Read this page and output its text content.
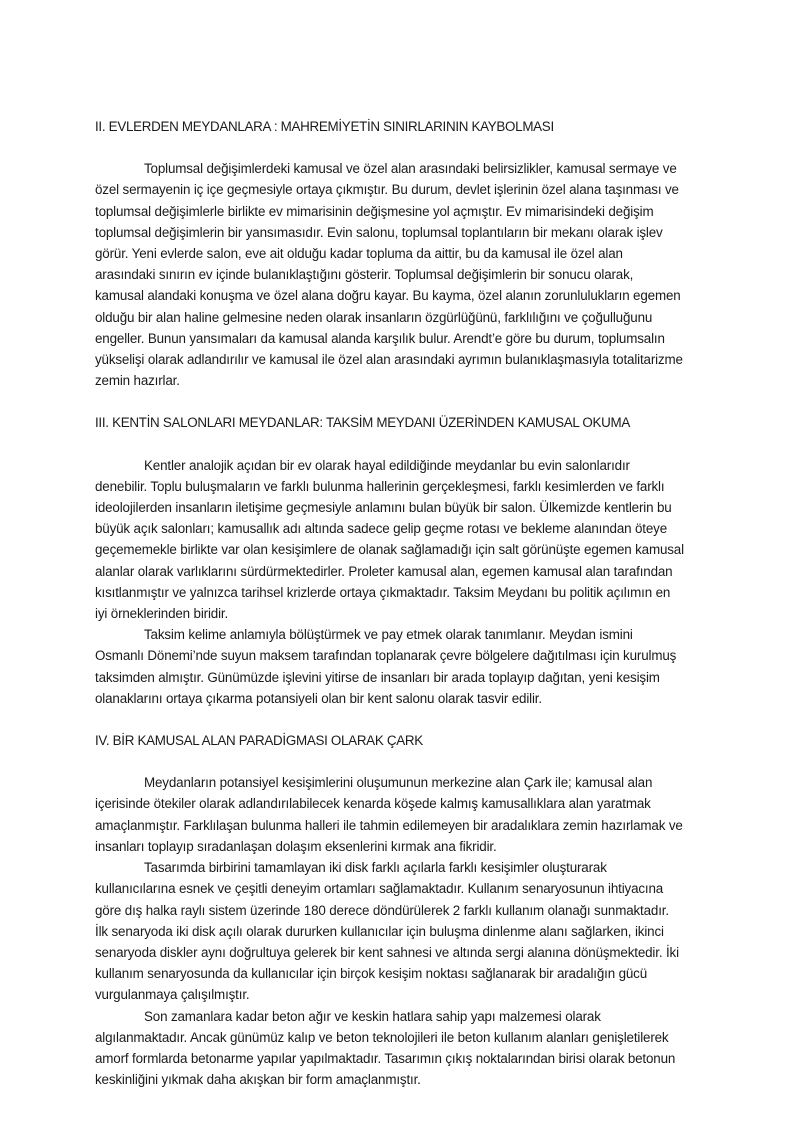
II. EVLERDEN MEYDANLARA : MAHREMİYETİN SINIRLARININ KAYBOLMASI
Toplumsal değişimlerdeki kamusal ve özel alan arasındaki belirsizlikler, kamusal sermaye ve
özel sermayenin iç içe geçmesiyle ortaya çıkmıştır. Bu durum, devlet işlerinin özel alana taşınması ve
toplumsal değişimlerle birlikte ev mimarisinin değişmesine yol açmıştır. Ev mimarisindeki değişim
toplumsal değişimlerin bir yansımasıdır. Evin salonu, toplumsal toplantıların bir mekanı olarak işlev
görür. Yeni evlerde salon, eve ait olduğu kadar topluma da aittir, bu da kamusal ile özel alan
arasındaki sınırın ev içinde bulanıklaştığını gösterir. Toplumsal değişimlerin bir sonucu olarak,
kamusal alandaki konuşma ve özel alana doğru kayar. Bu kayma, özel alanın zorunlulukların egemen
olduğu bir alan haline gelmesine neden olarak insanların özgürlüğünü, farklılığını ve çoğulluğunu
engeller. Bunun yansımaları da kamusal alanda karşılık bulur. Arendt’e göre bu durum, toplumsalın
yükselişi olarak adlandırılır ve kamusal ile özel alan arasındaki ayrımın bulanıklaşmasıyla totalitarizme
zemin hazırlar.
III. KENTİN SALONLARI MEYDANLAR: TAKSİM MEYDANI ÜZERİNDEN KAMUSAL OKUMA
Kentler analojik açıdan bir ev olarak hayal edildiğinde meydanlar bu evin salonlarıdır
denebilir. Toplu buluşmaların ve farklı bulunma hallerinin gerçekleşmesi, farklı kesimlerden ve farklı
ideolojilerden insanların iletişime geçmesiyle anlamını bulan büyük bir salon. Ülkemizde kentlerin bu
büyük açık salonları; kamusallık adı altında sadece gelip geçme rotası ve bekleme alanından öteye
geçememekle birlikte var olan kesişimlere de olanak sağlamadığı için salt görünüşte egemen kamusal
alanlar olarak varlıklarını sürdürmektedirler. Proleter kamusal alan, egemen kamusal alan tarafından
kısıtlanmıştır ve yalnızca tarihsel krizlerde ortaya çıkmaktadır. Taksim Meydanı bu politik açılımın en
iyi örneklerinden biridir.
Taksim kelime anlamıyla bölüştürmek ve pay etmek olarak tanımlanır. Meydan ismini
Osmanlı Dönemi’nde suyun maksem tarafından toplanarak çevre bölgelere dağıtılması için kurulmuş
taksimden almıştır. Günümüzde işlevini yitirse de insanları bir arada toplayıp dağıtan, yeni kesişim
olanaklarını ortaya çıkarma potansiyeli olan bir kent salonu olarak tasvir edilir.
IV. BİR KAMUSAL ALAN PARADİGMASI OLARAK ÇARK
Meydanların potansiyel kesişimlerini oluşumunun merkezine alan Çark ile; kamusal alan
içerisinde ötekiler olarak adlandırılabilecek kenarda köşede kalmış kamusallıklara alan yaratmak
amaçlanmıştır. Farklılaşan bulunma halleri ile tahmin edilemeyen bir aradalıklara zemin hazırlamak ve
insanları toplayıp sıradanlaşan dolaşım eksenlerini kırmak ana fikridir.
Tasarımda birbirini tamamlayan iki disk farklı açılarla farklı kesişimler oluşturarak
kullanıcılarına esnek ve çeşitli deneyim ortamları sağlamaktadır. Kullanım senaryosunun ihtiyacına
göre dış halka raylı sistem üzerinde 180 derece döndürülerek 2 farklı kullanım olanağı sunmaktadır.
İlk senaryoda iki disk açılı olarak dururken kullanıcılar için buluşma dinlenme alanı sağlarken, ikinci
senaryoda diskler aynı doğrultuya gelerek bir kent sahnesi ve altında sergi alanına dönüşmektedir. İki
kullanım senaryosunda da kullanıcılar için birçok kesişim noktası sağlanarak bir aradalığın gücü
vurgulanmaya çalışılmıştır.
Son zamanlara kadar beton ağır ve keskin hatlara sahip yapı malzemesi olarak
algılanmaktadır. Ancak günümüz kalıp ve beton teknolojileri ile beton kullanım alanları genişletilerek
amorf formlarda betonarme yapılar yapılmaktadır. Tasarımın çıkış noktalarından birisi olarak betonun
keskinliğini yıkmak daha akışkan bir form amaçlanmıştır.
